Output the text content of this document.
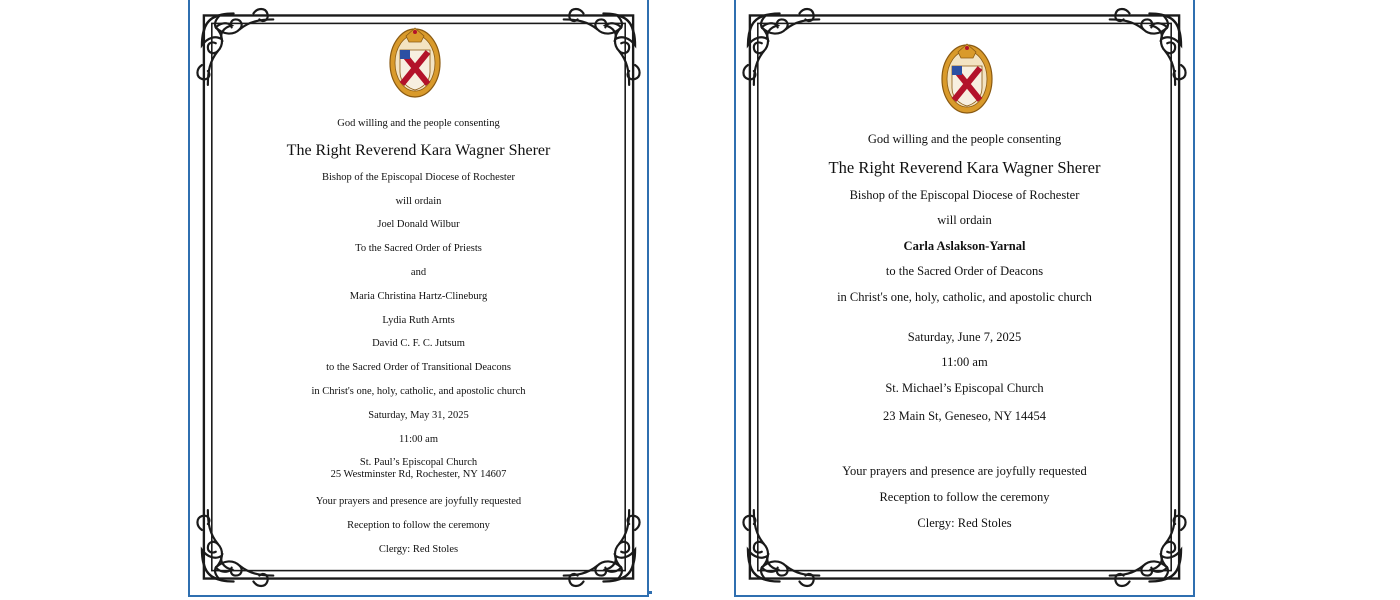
God willing and the people consenting
The Right Reverend Kara Wagner Sherer
Bishop of the Episcopal Diocese of Rochester
will ordain
Joel Donald Wilbur
To the Sacred Order of Priests
and
Maria Christina Hartz-Clineburg
Lydia Ruth Arnts
David C. F. C. Jutsum
to the Sacred Order of Transitional Deacons
in Christ's one, holy, catholic, and apostolic church
Saturday, May 31, 2025
11:00 am
St. Paul’s Episcopal Church
25 Westminster Rd, Rochester, NY 14607
Your prayers and presence are joyfully requested
Reception to follow the ceremony
Clergy: Red Stoles
God willing and the people consenting
The Right Reverend Kara Wagner Sherer
Bishop of the Episcopal Diocese of Rochester
will ordain
Carla Aslakson-Yarnal
to the Sacred Order of Deacons
in Christ's one, holy, catholic, and apostolic church
Saturday, June 7, 2025
11:00 am
St. Michael’s Episcopal Church
23 Main St, Geneseo, NY 14454
Your prayers and presence are joyfully requested
Reception to follow the ceremony
Clergy: Red Stoles
